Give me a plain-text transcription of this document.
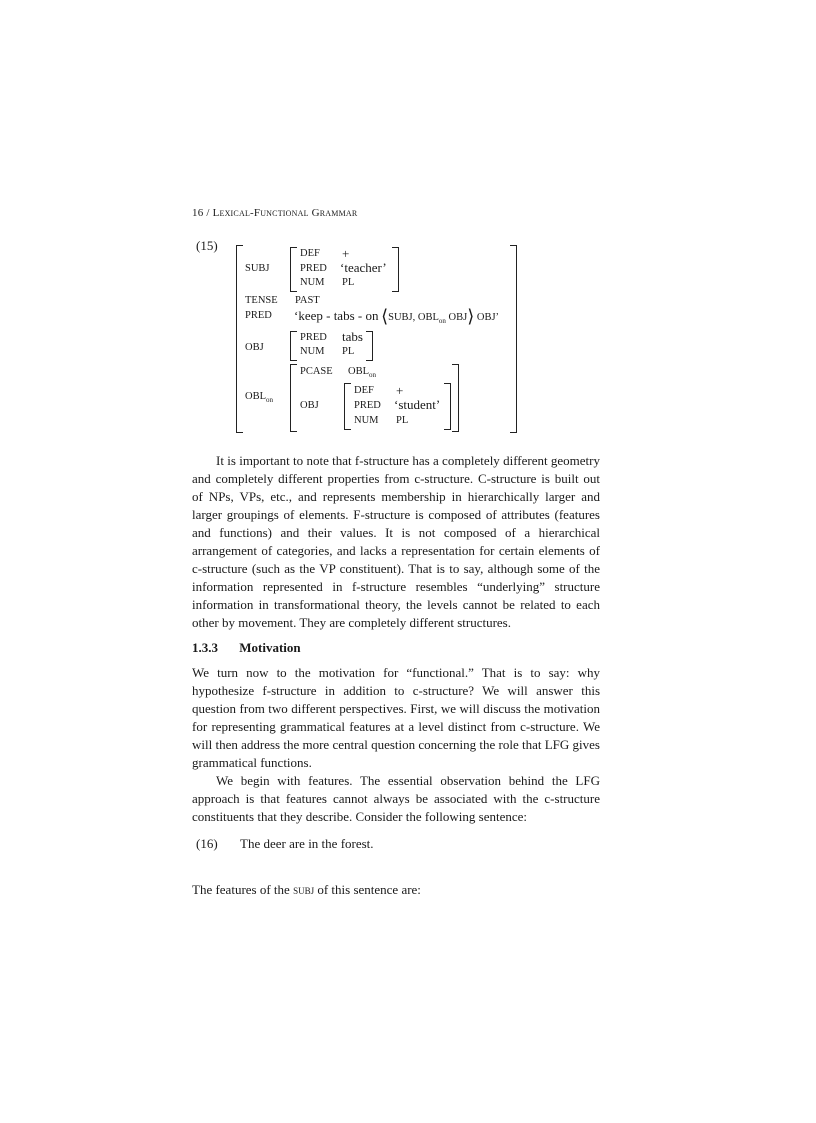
16 / Lexical-Functional Grammar
(15)
SUBJ
DEF +
PRED ‘teacher’
NUM PL
TENSE PAST
PRED ‘keep - tabs - on ⟨SUBJ, $OBL_{on}$ OBJ⟩ OBJ’
OBJ
PRED tabs
NUM PL
$OBL_{on}$
PCASE $OBL_{on}$
OBJ
DEF +
PRED ‘student’
NUM PL

It is important to note that f-structure has a completely different geometry and completely different properties from c-structure. C-structure is built out of NPs, VPs, etc., and represents membership in hierarchically larger and larger groupings of elements. F-structure is composed of attributes (features and functions) and their values. It is not composed of a hierarchical arrangement of categories, and lacks a representation for certain elements of c-structure (such as the VP constituent). That is to say, although some of the information represented in f-structure resembles “underlying” structure information in transformational theory, the levels cannot be related to each other by movement. They are completely different structures.

1.3.3 Motivation

We turn now to the motivation for “functional.” That is to say: why hypothesize f-structure in addition to c-structure? We will answer this question from two different perspectives. First, we will discuss the motivation for representing grammatical features at a level distinct from c-structure. We will then address the more central question concerning the role that LFG gives grammatical functions.

We begin with features. The essential observation behind the LFG approach is that features cannot always be associated with the c-structure constituents that they describe. Consider the following sentence:

(16) The deer are in the forest.
The features of the subj of this sentence are:
